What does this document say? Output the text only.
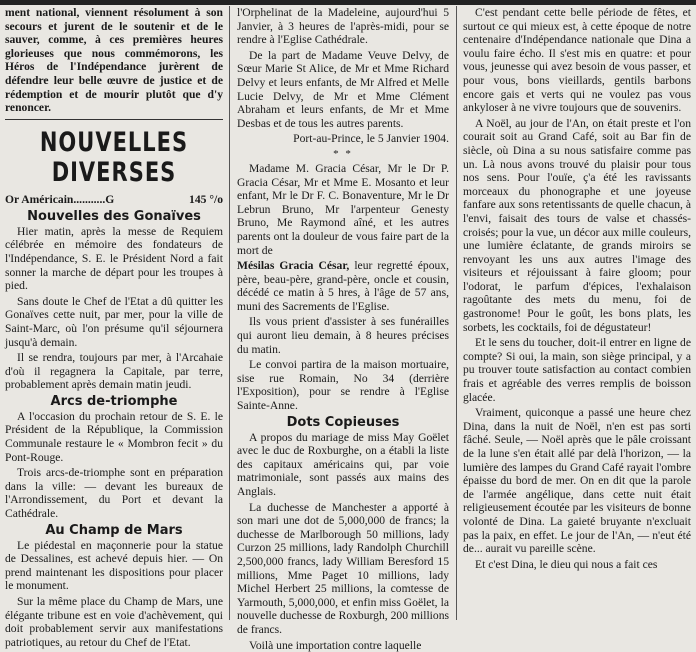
ment national, viennent résolument à son secours et jurent de le soutenir et de le sauver, comme, à ces premières heures glorieuses que nous commémorons, les Héros de l'Indépendance jurèrent de défendre leur belle œuvre de justice et de rédemption et de mourir plutôt que d'y renoncer.

NOUVELLES DIVERSES
Or Américain...........G	145 °/o
Nouvelles des Gonaïves

Hier matin, après la messe de Requiem célébrée en mémoire des fondateurs de l'Indépendance, S. E. le Président Nord a fait sonner la marche de départ pour les troupes à pied.

Sans doute le Chef de l'Etat a dû quitter les Gonaïves cette nuit, par mer, pour la ville de Saint-Marc, où l'on présume qu'il séjournera jusqu'à demain.

Il se rendra, toujours par mer, à l'Arcahaie d'où il regagnera la Capitale, par terre, probablement après demain matin jeudi.

Arcs de-triomphe

A l'occasion du prochain retour de S. E. le Président de la République, la Commission Communale restaure le « Mombron fecit » du Pont-Rouge.

Trois arcs-de-triomphe sont en préparation dans la ville: — devant les bureaux de l'Arrondissement, du Port et devant la Cathédrale.

Au Champ de Mars

Le piédestal en maçonnerie pour la statue de Dessalines, est achevé depuis hier. — On prend maintenant les dispositions pour placer le monument.

Sur la même place du Champ de Mars, une élégante tribune est en voie d'achèvement, qui doit probablement servir aux manifestations patriotiques, au retour du Chef de l'Etat.

l'Orphelinat de la Madeleine, aujourd'hui 5 Janvier, à 3 heures de l'après-midi, pour se rendre à l'Eglise Cathédrale.

De la part de Madame Veuve Delvy, de Sœur Marie St Alice, de Mr et Mme Richard Delvy et leurs enfants, de Mr Alfred et Melle Lucie Delvy, de Mr et Mme Clément Abraham et leurs enfants, de Mr et Mme Desbas et de tous les autres parents.

Port-au-Prince, le 5 Janvier 1904.

* *

Madame M. Gracia César, Mr le Dr P. Gracia César, Mr et Mme E. Mosanto et leur enfant, Mr le Dr F. C. Bonaventure, Mr le Dr Lebrun Bruno, Mr l'arpenteur Genesty Bruno, Me Raymond aîné, et les autres parents ont la douleur de vous faire part de la mort de

Mésilas Gracia César, leur regretté époux, père, beau-père, grand-père, oncle et cousin, décédé ce matin à 5 hres, à l'âge de 57 ans, muni des Sacrements de l'Eglise.

Ils vous prient d'assister à ses funérailles qui auront lieu demain, à 8 heures précises du matin.

Le convoi partira de la maison mortuaire, sise rue Romain, No 34 (derrière l'Exposition), pour se rendre à l'Eglise Sainte-Anne.

Dots Copieuses

A propos du mariage de miss May Goëlet avec le duc de Roxburghe, on a établi la liste des capitaux américains qui, par voie matrimoniale, sont passés aux mains des Anglais.

La duchesse de Manchester a apporté à son mari une dot de 5,000,000 de francs; la duchesse de Marlborough 50 millions, lady Curzon 25 millions, lady Randolph Churchill 2,500,000 francs, lady William Beresford 15 millions, Mme Paget 10 millions, lady Michel Herbert 25 millions, la comtesse de Yarmouth, 5,000,000, et enfin miss Goëlet, la nouvelle duchesse de Roxburgh, 200 millions de francs.

Voilà une importation contre laquelle

C'est pendant cette belle période de fêtes, et surtout ce qui mieux est, à cette époque de notre centenaire d'Indépendance nationale que Dina a voulu faire écho. Il s'est mis en quatre: et pour vous, jeunesse qui avez besoin de vous passer, et pour vous, bons vieillards, gentils barbons encore gais et verts qui ne voulez pas vous ankyloser à ne vivre toujours que de souvenirs.

A Noël, au jour de l'An, on était preste et l'on courait soit au Grand Café, soit au Bar fin de siècle, où Dina a su nous satisfaire comme pas un. Là nous avons trouvé du plaisir pour tous nos sens. Pour l'ouïe, ç'a été les ravissants morceaux du phonographe et une joyeuse fanfare aux sons retentissants de quelle chacun, à l'envi, faisait des tours de valse et chassés-croisés; pour la vue, un décor aux mille couleurs, une lumière éclatante, de grands miroirs se renvoyant les uns aux autres l'image des visiteurs et réjouissant à faire gloom; pour l'odorat, le parfum d'épices, l'exhalaison ragoûtante des mets du menu, foi de gastronome! Pour le goût, les bons plats, les sorbets, les cocktails, foi de dégustateur!

Et le sens du toucher, doit-il entrer en ligne de compte? Si oui, la main, son siège principal, y a pu trouver toute satisfaction au contact combien frais et agréable des verres remplis de boisson glacée.

Vraiment, quiconque a passé une heure chez Dina, dans la nuit de Noël, n'en est pas sorti fâché. Seule, — Noël après que le pâle croissant de la lune s'en était allé par delà l'horizon, — la lumière des lampes du Grand Café rayait l'ombre épaisse du bord de mer. On en dit que la parole de l'armée angélique, dans cette nuit était religieusement écoutée par les visiteurs de bonne volonté de Dina. La gaieté bruyante n'excluait pas la paix, en effet. Le jour de l'An, — n'eut été de... aurait vu pareille scène.

Et c'est Dina, le dieu qui nous a fait ces
